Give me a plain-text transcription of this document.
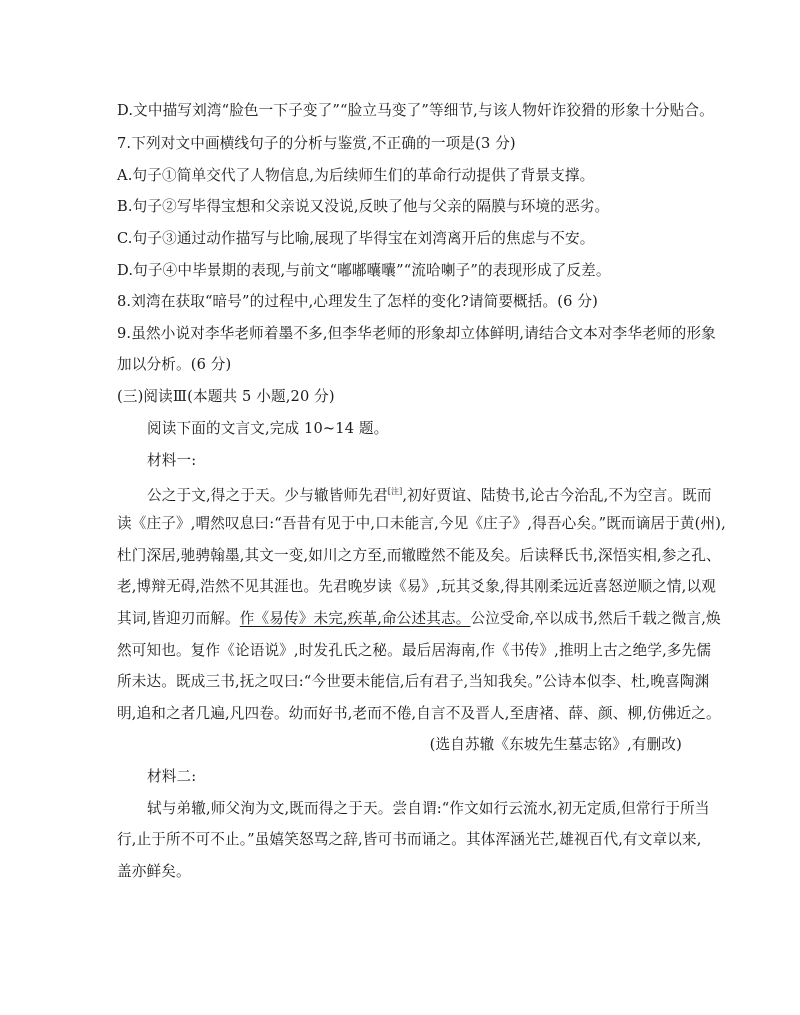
D.文中描写刘湾“脸色一下子变了”“脸立马变了”等细节,与该人物奸诈狡猾的形象十分贴合。
7.下列对文中画横线句子的分析与鉴赏,不正确的一项是(3 分)
A.句子①简单交代了人物信息,为后续师生们的革命行动提供了背景支撑。
B.句子②写毕得宝想和父亲说又没说,反映了他与父亲的隔膜与环境的恶劣。
C.句子③通过动作描写与比喻,展现了毕得宝在刘湾离开后的焦虑与不安。
D.句子④中毕景期的表现,与前文“嘟嘟囔囔”“流哈喇子”的表现形成了反差。
8.刘湾在获取“暗号”的过程中,心理发生了怎样的变化?请简要概括。(6 分)
9.虽然小说对李华老师着墨不多,但李华老师的形象却立体鲜明,请结合文本对李华老师的形象
加以分析。(6 分)
(三)阅读Ⅲ(本题共 5 小题,20 分)
阅读下面的文言文,完成 10~14 题。
材料一:
公之于文,得之于天。少与辙皆师先君[注],初好贾谊、陆贽书,论古今治乱,不为空言。既而
读《庄子》,喟然叹息曰:“吾昔有见于中,口未能言,今见《庄子》,得吾心矣。”既而谪居于黄(州),
杜门深居,驰骋翰墨,其文一变,如川之方至,而辙瞠然不能及矣。后读释氏书,深悟实相,参之孔、
老,博辩无碍,浩然不见其涯也。先君晚岁读《易》,玩其爻象,得其刚柔远近喜怒逆顺之情,以观
其词,皆迎刃而解。作《易传》未完,疾革,命公述其志。公泣受命,卒以成书,然后千载之微言,焕
然可知也。复作《论语说》,时发孔氏之秘。最后居海南,作《书传》,推明上古之绝学,多先儒
所未达。既成三书,抚之叹曰:“今世要未能信,后有君子,当知我矣。”公诗本似李、杜,晚喜陶渊
明,追和之者几遍,凡四卷。幼而好书,老而不倦,自言不及晋人,至唐褚、薛、颜、柳,仿佛近之。
(选自苏辙《东坡先生墓志铭》,有删改)
材料二:
轼与弟辙,师父洵为文,既而得之于天。尝自谓:“作文如行云流水,初无定质,但常行于所当
行,止于所不可不止。”虽嬉笑怒骂之辞,皆可书而诵之。其体浑涵光芒,雄视百代,有文章以来,
盖亦鲜矣。
